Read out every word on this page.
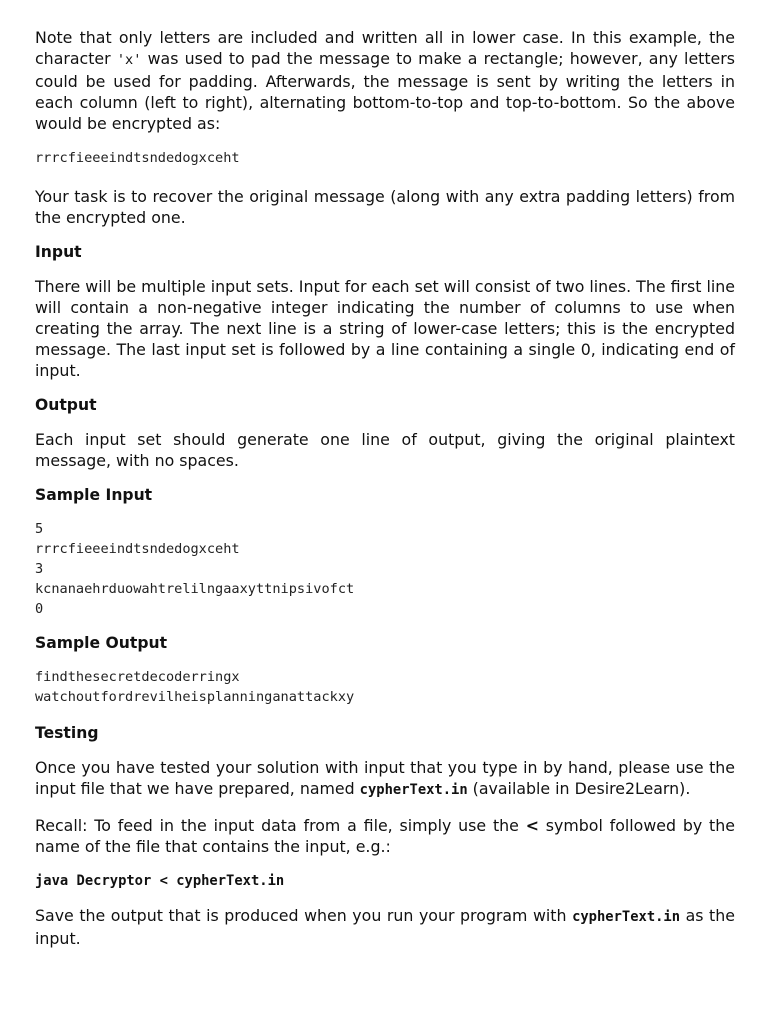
Note that only letters are included and written all in lower case. In this example, the character 'x' was used to pad the message to make a rectangle; however, any letters could be used for padding. Afterwards, the message is sent by writing the letters in each column (left to right), alternating bottom-to-top and top-to-bottom. So the above would be encrypted as:

rrrcfieeeindtsndedogxceht

Your task is to recover the original message (along with any extra padding letters) from the encrypted one.

Input

There will be multiple input sets. Input for each set will consist of two lines. The first line will contain a non-negative integer indicating the number of columns to use when creating the array. The next line is a string of lower-case letters; this is the encrypted message. The last input set is followed by a line containing a single 0, indicating end of input.

Output

Each input set should generate one line of output, giving the original plaintext message, with no spaces.

Sample Input
5
rrrcfieeeindtsndedogxceht
3
kcnanaehrduowahtrelilngaaxyttnipsivofct
0
Sample Output
findthesecretdecoderringx
watchoutfordrevilheisplanninganattackxy
Testing

Once you have tested your solution with input that you type in by hand, please use the input file that we have prepared, named cypherText.in (available in Desire2Learn).

Recall: To feed in the input data from a file, simply use the < symbol followed by the name of the file that contains the input, e.g.:

java Decryptor < cypherText.in

Save the output that is produced when you run your program with cypherText.in as the input.
